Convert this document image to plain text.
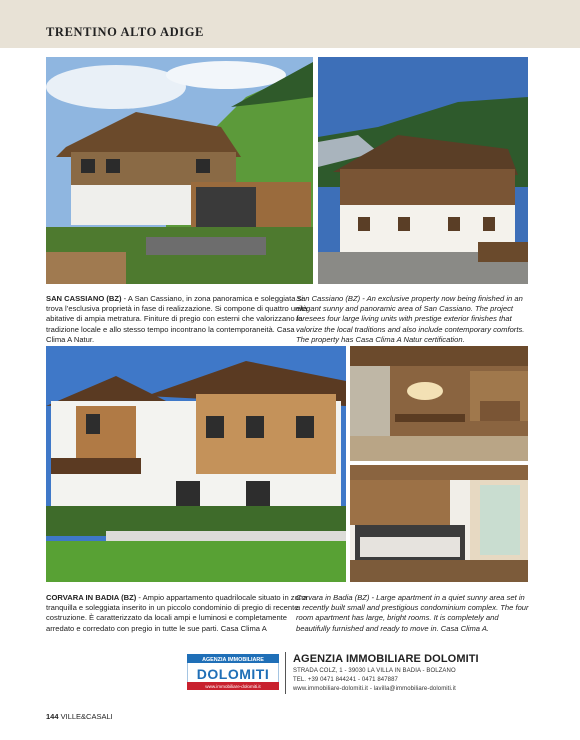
TRENTINO ALTO ADIGE
SAN CASSIANO (BZ) - A San Cassiano, in zona panoramica e soleggiata si trova l’esclusiva proprietà in fase di realizzazione. Si compone di quattro unità abitative di ampia metratura. Finiture di pregio con esterni che valorizzano la tradizione locale e allo stesso tempo incontrano la contemporaneità. Casa Clima A Natur.
San Cassiano (BZ) - An exclusive property now being finished in an elegant sunny and panoramic area of San Cassiano. The project foresees four large living units with prestige exterior finishes that valorize the local traditions and also include contemporary comforts. The property has Casa Clima A Natur certification.
CORVARA IN BADIA (BZ) - Ampio appartamento quadrilocale situato in zona tranquilla e soleggiata inserito in un piccolo condominio di pregio di recente costruzione. È caratterizzato da locali ampi e luminosi e completamente arredato e corredato con pregio in tutte le sue parti. Casa Clima A
Corvara in Badia (BZ) - Large apartment in a quiet sunny area set in a recently built small and prestigious condominium complex. The four room apartment has large, bright rooms. It is completely and beautifully furnished and ready to move in. Casa Clima A.
AGENZIA IMMOBILIARE
DOLOMITI
www.immobiliare-dolomiti.it
AGENZIA IMMOBILIARE DOLOMITI
STRADA COLZ, 1 - 39030 LA VILLA IN BADIA - BOLZANO
TEL. +39 0471 844241 - 0471 847887
www.immobiliare-dolomiti.it - lavilla@immobiliare-dolomiti.it
144 VILLE&CASALI
